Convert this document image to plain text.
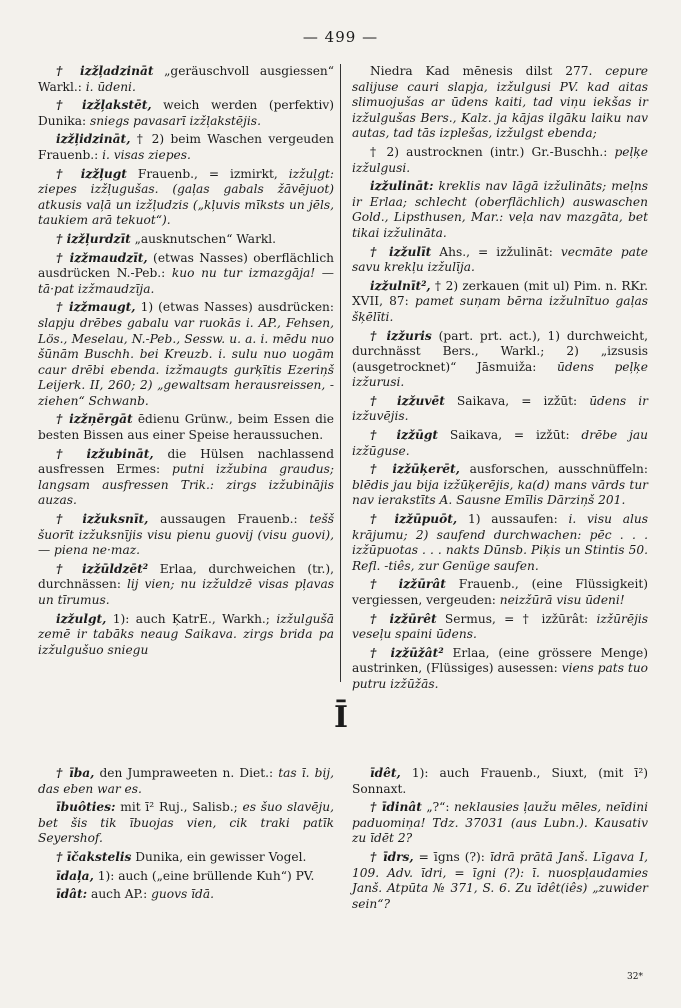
— 499 —

† izžļadzināt „geräuschvoll ausgiessen“ Warkl.: i. ūdeni.

† izžļakstēt, weich werden (perfektiv) Dunika: sniegs pavasarī izžļakstējis.

izžļidzināt, † 2) beim Waschen vergeuden Frauenb.: i. visas ziepes.

† izžļugt Frauenb., = izmirkt, izžuļgt: ziepes izžļugušas. (gaļas gabals žāvējuot) atkusis vaļā un izžļudzis („kļuvis mīksts un jēls, taukiem arā tekuot“).

† izžļurdzīt „ausknutschen“ Warkl.

† izžmaudzīt, (etwas Nasses) oberflächlich ausdrücken N.-Peb.: kuo nu tur izmazgāja! — tā·pat izžmaudzīja.

† izžmaugt, 1) (etwas Nasses) ausdrücken: slapju drēbes gabalu var ruokās i. AP., Fehsen, Lös., Meselau, N.-Peb., Sessw. u. a. i. mēdu nuo šūnām Buschh. bei Kreuzb. i. sulu nuo uogām caur drēbi ebenda. izžmaugts gurķītis Ezeriņš Leijerk. II, 260; 2) „gewaltsam herausreissen, -ziehen“ Schwanb.

† izžņērgāt ēdienu Grünw., beim Essen die besten Bissen aus einer Speise heraussuchen.

† izžubināt, die Hülsen nachlassend ausfressen Ermes: putni izžubina graudus; langsam ausfressen Trik.: zirgs izžubinājis auzas.

† izžuksnīt, aussaugen Frauenb.: tešš šuorīt izžuksnījis visu pienu guovij (visu guovi), — piena ne·maz.

† izžūldzēt² Erlaa, durchweichen (tr.), durchnässen: lij vien; nu izžuldzē visas pļavas un tīrumus.

izžulgt, 1): auch ĶatrE., Warkh.; izžulgušā zemē ir tabāks neaug Saikava. zirgs brida pa izžulgušuo sniegu

Niedra Kad mēnesis dilst 277. cepure salijuse cauri slapja, izžulgusi PV. kad aitas slimuojušas ar ūdens kaiti, tad viņu iekšas ir izžulgušas Bers., Kalz. ja kājas ilgāku laiku nav autas, tad tās izplešas, izžulgst ebenda;

† 2) austrocknen (intr.) Gr.-Buschh.: peļķe izžulgusi.

izžulināt: kreklis nav lāgā izžulināts; meļns ir Erlaa; schlecht (oberflächlich) auswaschen Gold., Lipsthusen, Mar.: veļa nav mazgāta, bet tikai izžulināta.

† izžulīt Ahs., = izžulināt: vecmāte pate savu krekļu izžulīja.

izžulnīt², † 2) zerkauen (mit ul) Pim. n. RKr. XVII, 87: pamet suņam bērna izžulnītuo gaļas šķēlīti.

† izžuris (part. prt. act.), 1) durchweicht, durchnässt Bers., Warkl.; 2) „izsusis (ausgetrocknet)“ Jāsmuiža: ūdens peļķe izžurusi.

† izžuvēt Saikava, = izžūt: ūdens ir izžuvējis.

† izžūgt Saikava, = izžūt: drēbe jau izžūguse.

† izžūķerēt, ausforschen, ausschnüffeln: blēdis jau bija izžūķerējis, ka(d) mans vārds tur nav ierakstīts A. Sausne Emīlis Dārziņš 201.

† izžūpuōt, 1) aussaufen: i. visu alus krājumu; 2) saufend durchwachen: pēc . . . izžūpuotas . . . nakts Dūnsb. Piķis un Stintis 50. Refl. -tiês, zur Genüge saufen.

† izžūrât Frauenb., (eine Flüssigkeit) vergiessen, vergeuden: neizžūrā visu ūdeni!

† izžūrêt Sermus, = † izžūrât: izžūrējis veseļu spaini ūdens.

† izžūžât² Erlaa, (eine grössere Menge) austrinken, (Flüssiges) ausessen: viens pats tuo putru izžūžās.

Ī

† ība, den Jumpraweeten n. Diet.: tas ī. bij, das eben war es.

ībuôties: mit ī² Ruj., Salisb.; es šuo slavēju, bet šis tik ībuojas vien, cik traki patīk Seyershof.

† īčakstelis Dunika, ein gewisser Vogel.

īdaļa, 1): auch („eine brüllende Kuh“) PV.

īdât: auch AP.: guovs īdā.

īdêt, 1): auch Frauenb., Siuxt, (mit ī²) Sonnaxt.

† īdinât „?“: neklausies ļaužu mēles, neīdini paduomiņa! Tdz. 37031 (aus Lubn.). Kausativ zu īdēt 2?

† īdrs, = īgns (?): īdrā prātā Janš. Līgava I, 109. Adv. īdri, = īgni (?): ī. nuospļaudamies Janš. Atpūta № 371, S. 6. Zu īdêt(iês) „zuwider sein“?

32*
